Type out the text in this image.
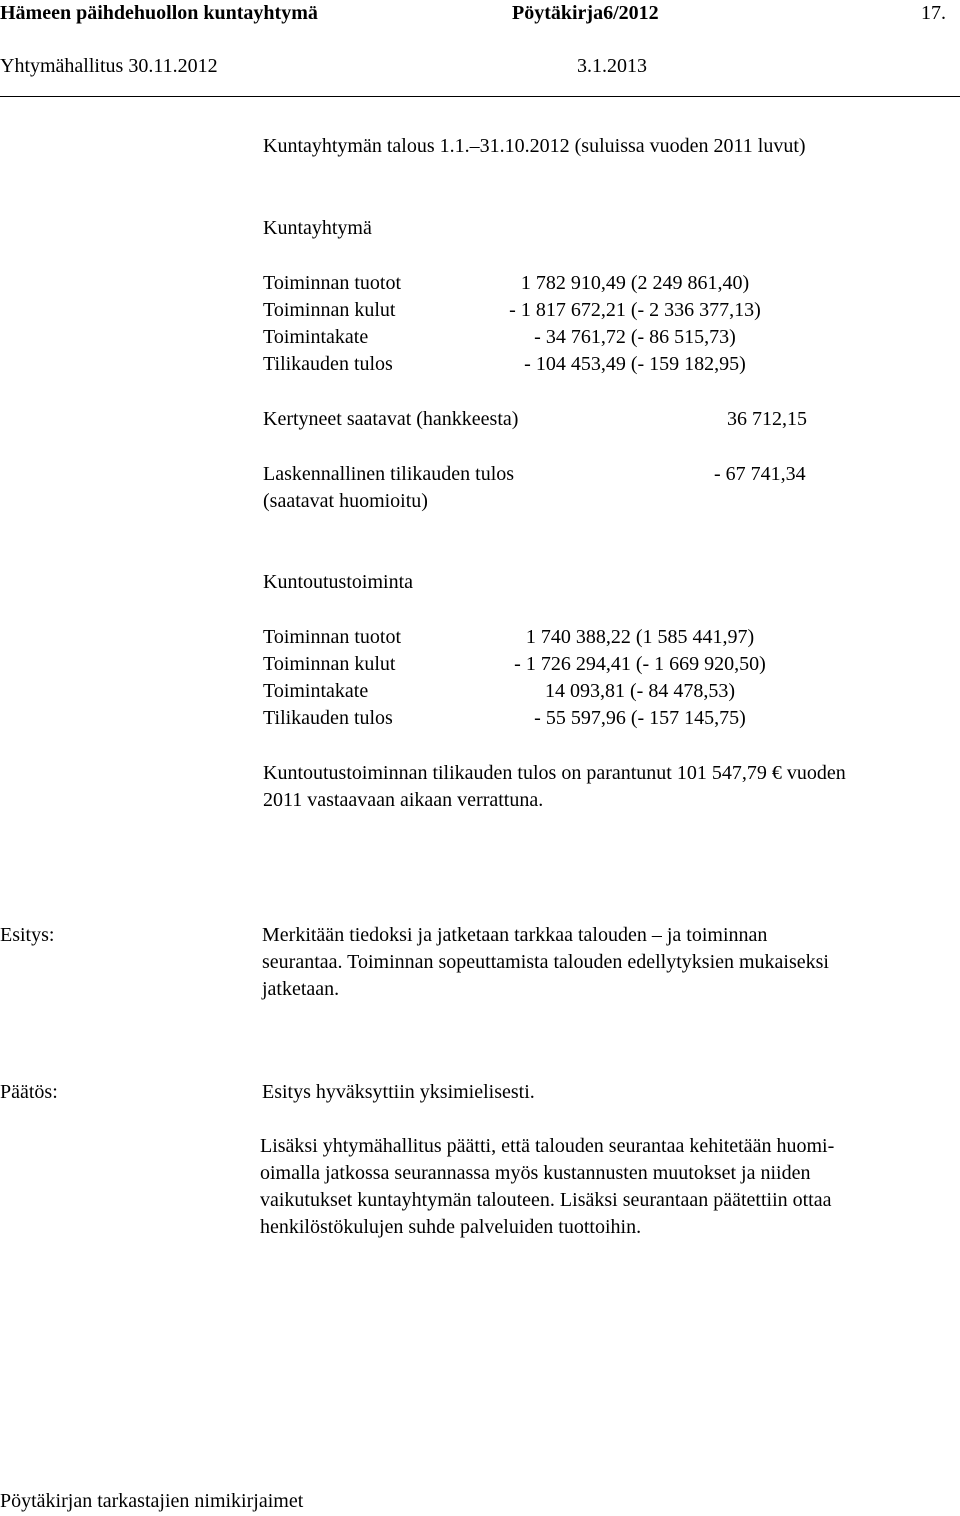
Hämeen päihdehuollon kuntayhtymä	Pöytäkirja6/2012	17.
Yhtymähallitus 30.11.2012	3.1.2013
Kuntayhtymän talous 1.1.–31.10.2012 (suluissa vuoden 2011 luvut)
Kuntayhtymä
Toiminnan tuotot	1 782 910,49 (2 249 861,40)
Toiminnan kulut	- 1 817 672,21 (- 2 336 377,13)
Toimintakate	- 34 761,72 (- 86 515,73)
Tilikauden tulos	- 104 453,49 (- 159 182,95)
Kertyneet saatavat (hankkeesta)	36 712,15
Laskennallinen tilikauden tulos	- 67 741,34
(saatavat huomioitu)
Kuntoutustoiminta
Toiminnan tuotot	1 740 388,22 (1 585 441,97)
Toiminnan kulut	- 1 726 294,41 (- 1 669 920,50)
Toimintakate	14 093,81 (- 84 478,53)
Tilikauden tulos	- 55 597,96 (- 157 145,75)
Kuntoutustoiminnan tilikauden tulos on parantunut 101 547,79 € vuoden
2011 vastaavaan aikaan verrattuna.
Esitys:	Merkitään tiedoksi ja jatketaan tarkkaa talouden – ja toiminnan
seurantaa. Toiminnan sopeuttamista talouden edellytyksien mukaiseksi
jatketaan.
Päätös:	Esitys hyväksyttiin yksimielisesti.
Lisäksi yhtymähallitus päätti, että talouden seurantaa kehitetään huomi-
oimalla jatkossa seurannassa myös kustannusten muutokset ja niiden
vaikutukset kuntayhtymän talouteen. Lisäksi seurantaan päätettiin ottaa
henkilöstökulujen suhde palveluiden tuottoihin.
Pöytäkirjan tarkastajien nimikirjaimet
